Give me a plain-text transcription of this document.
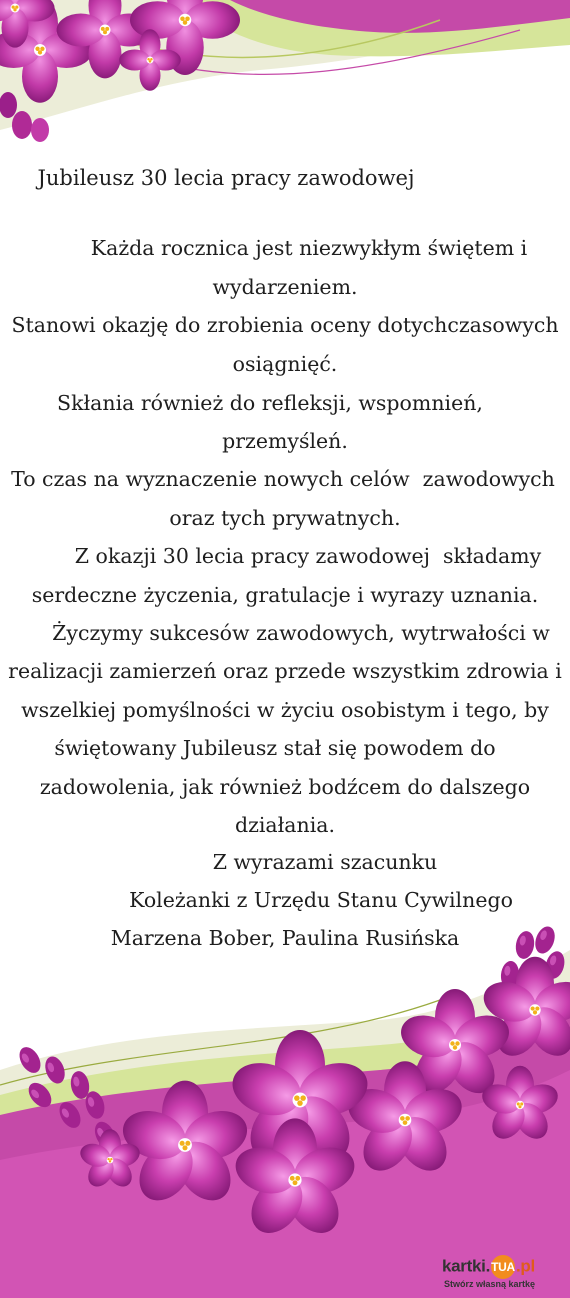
Jubileusz 30 lecia pracy zawodowej
Każda rocznica jest niezwykłym świętem i
wydarzeniem.
Stanowi okazję do zrobienia oceny dotychczasowych
osiągnięć.
Skłania również do refleksji, wspomnień,
przemyśleń.
To czas na wyznaczenie nowych celów  zawodowych
oraz tych prywatnych.
Z okazji 30 lecia pracy zawodowej  składamy
serdeczne życzenia, gratulacje i wyrazy uznania.
Życzymy sukcesów zawodowych, wytrwałości w
realizacji zamierzeń oraz przede wszystkim zdrowia i
wszelkiej pomyślności w życiu osobistym i tego, by
świętowany Jubileusz stał się powodem do
zadowolenia, jak również bodźcem do dalszego
działania.
Z wyrazami szacunku
Koleżanki z Urzędu Stanu Cywilnego
Marzena Bober, Paulina Rusińska
kartki.TUA.pl
Stwórz własną kartkę
